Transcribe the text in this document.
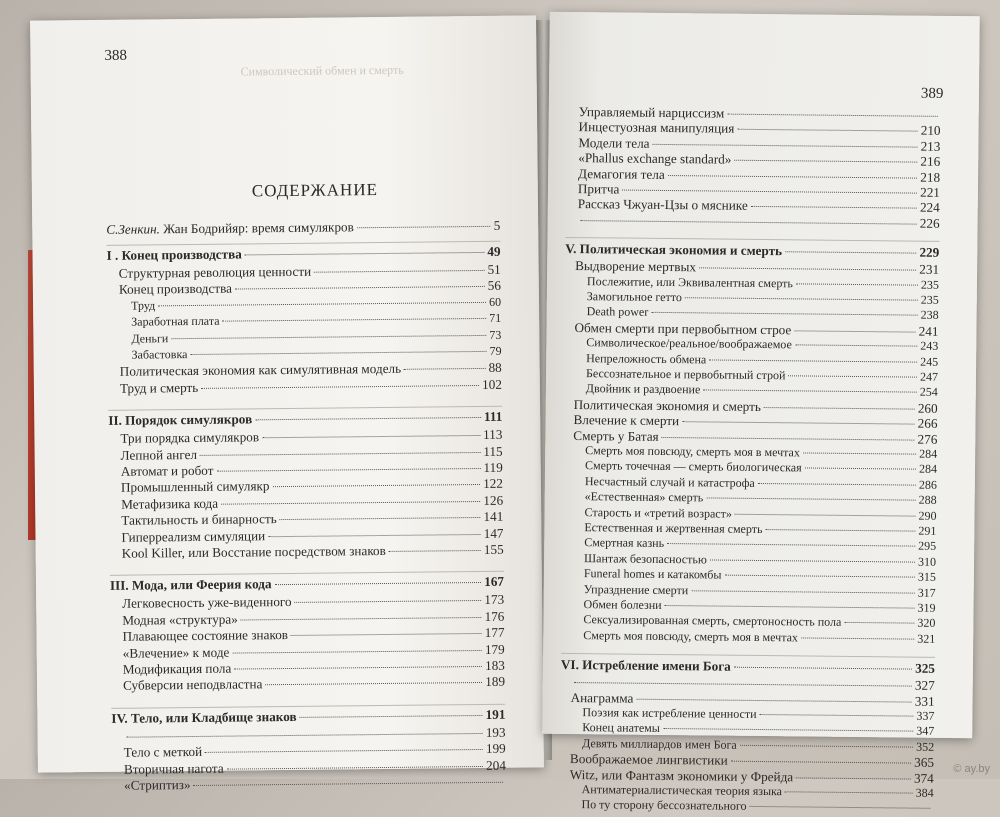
388
Символический обмен и смерть
СОДЕРЖАНИЕ
С.Зенкин. Жан Бодрийяр: время симулякров	5
I . Конец производства	49
Структурная революция ценности	51
Конец производства	56
Труд	60
Заработная плата	71
Деньги	73
Забастовка	79
Политическая экономия как симулятивная модель	88
Труд и смерть	102
II. Порядок симулякров	111
Три порядка симулякров	113
Лепной ангел	115
Автомат и робот	119
Промышленный симулякр	122
Метафизика кода	126
Тактильность и бинарность	141
Гиперреализм симуляции	147
Kool Killer, или Восстание посредством знаков	155
III. Мода, или Феерия кода	167
Легковесность уже-виденного	173
Модная «структура»	176
Плавающее состояние знаков	177
«Влечение» к моде	179
Модификация пола	183
Субверсии неподвластна	189
IV. Тело, или Кладбище знаков	191
193
Тело с меткой	199
Вторичная нагота	204
«Стриптиз»
389
Управляемый нарциссизм
Инцестуозная манипуляция	210
Модели тела	213
«Phallus exchange standard»	216
Демагогия тела	218
Притча	221
Рассказ Чжуан-Цзы о мяснике	224
226
V. Политическая экономия и смерть	229
Выдворение мертвых	231
Послежитие, или Эквивалентная смерть	235
Замогильное гетто	235
Death power	238
Обмен смерти при первобытном строе	241
Символическое/реальное/воображаемое	243
Непреложность обмена	245
Бессознательное и первобытный строй	247
Двойник и раздвоение	254
Политическая экономия и смерть	260
Влечение к смерти	266
Смерть у Батая	276
Смерть моя повсюду, смерть моя в мечтах	284
Смерть точечная — смерть биологическая	284
Несчастный случай и катастрофа	286
«Естественная» смерть	288
Старость и «третий возраст»	290
Естественная и жертвенная смерть	291
Смертная казнь	295
Шантаж безопасностью	310
Funeral homes и катакомбы	315
Упразднение смерти	317
Обмен болезни	319
Сексуализированная смерть, смертоносность пола	320
Смерть моя повсюду, смерть моя в мечтах	321
VI. Истребление имени Бога	325
327
Анаграмма	331
Поэзия как истребление ценности	337
Конец анатемы	347
Девять миллиардов имен Бога	352
Воображаемое лингвистики	365
Witz, или Фантазм экономики у Фрейда	374
Антиматериалистическая теория языка	384
По ту сторону бессознательного
© ay.by
